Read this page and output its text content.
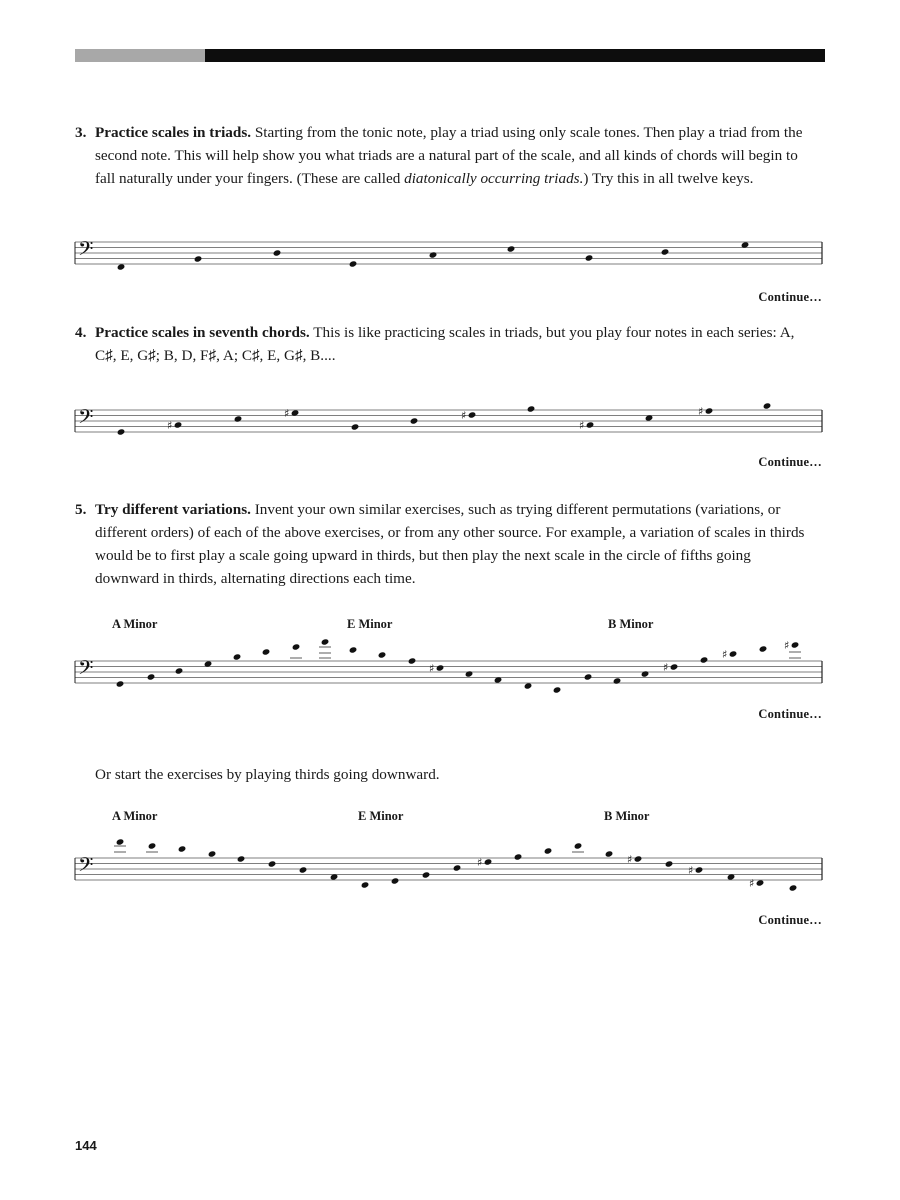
3. Practice scales in triads. Starting from the tonic note, play a triad using only scale tones. Then play a triad from the second note. This will help show you what triads are a natural part of the scale, and all kinds of chords will begin to fall naturally under your fingers. (These are called diatonically occurring triads.) Try this in all twelve keys.
4. Practice scales in seventh chords. This is like practicing scales in triads, but you play four notes in each series: A, C♯, E, G♯; B, D, F♯, A; C♯, E, G♯, B....
5. Try different variations. Invent your own similar exercises, such as trying different permutations (variations, or different orders) of each of the above exercises, or from any other source. For example, a variation of scales in thirds would be to first play a scale going upward in thirds, but then play the next scale in the circle of fifths going downward in thirds, alternating directions each time.
Or start the exercises by playing thirds going downward.
A Minor	E Minor	B Minor
A Minor	E Minor	B Minor
Continue…
Continue…
Continue…
Continue…
𝄢
𝄢	♯
♯	♯
♯
♯
𝄢	♯	♯
♯
♯
𝄢	♯	♯
♯
♯
144
